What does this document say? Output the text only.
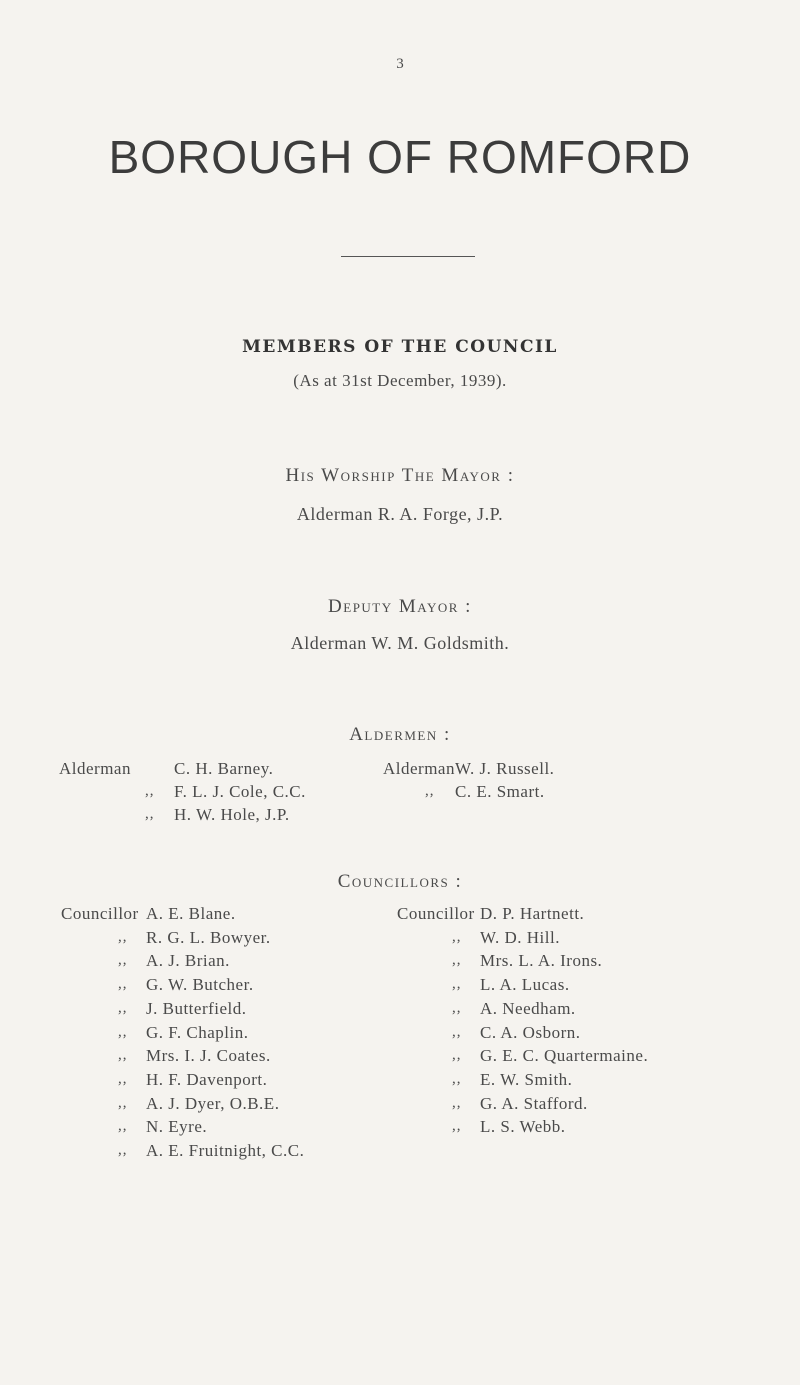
3
BOROUGH OF ROMFORD
MEMBERS OF THE COUNCIL
(As at 31st December, 1939).
His Worship The Mayor :
Alderman R. A. Forge, J.P.
Deputy Mayor :
Alderman W. M. Goldsmith.
Aldermen :
Alderman	C. H. Barney.
,, F. L. J. Cole, C.C.
,, H. W. Hole, J.P.
Alderman W. J. Russell.
,, C. E. Smart.
Councillors :
Councillor A. E. Blane.
,, R. G. L. Bowyer.
,, A. J. Brian.
,, G. W. Butcher.
,, J. Butterfield.
,, G. F. Chaplin.
,, Mrs. I. J. Coates.
,, H. F. Davenport.
,, A. J. Dyer, O.B.E.
,, N. Eyre.
,, A. E. Fruitnight, C.C.
Councillor D. P. Hartnett.
,, W. D. Hill.
,, Mrs. L. A. Irons.
,, L. A. Lucas.
,, A. Needham.
,, C. A. Osborn.
,, G. E. C. Quartermaine.
,, E. W. Smith.
,, G. A. Stafford.
,, L. S. Webb.
